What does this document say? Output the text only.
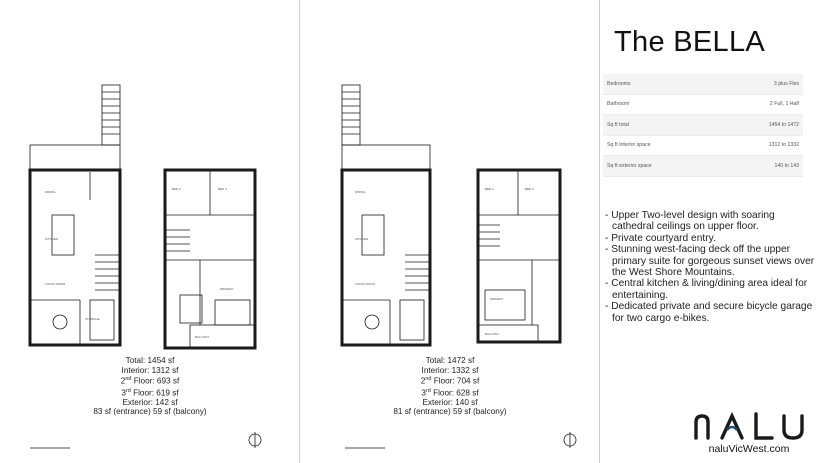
DINING
KITCHEN
LIVING ROOM
STORAGE
BED 2	BED 3
PRIMARY
BALCONY
Total: 1454 sf
Interior: 1312 sf
2nd Floor: 693 sf
3rd Floor: 619 sf
Exterior: 142 sf
83 sf (entrance) 59 sf (balcony)
DINING
KITCHEN
LIVING ROOM
BED 2	BED 3
PRIMARY
BALCONY
Total: 1472 sf
Interior: 1332 sf
2nd Floor: 704 sf
3rd Floor: 628 sf
Exterior: 140 sf
81 sf (entrance) 59 sf (balcony)
The BELLA
Bedrooms	3 plus Flex
Bathroom	2 Full, 1 Half
Sq ft total	1454 to 1472
Sq ft Interior space	1312 to 1332
Sq ft exterior space	140 to 143
- Upper Two-level design with soaring cathedral ceilings on upper floor.
- Private courtyard entry.
- Stunning west-facing deck off the upper primary suite for gorgeous sunset views over the West Shore Mountains.
- Central kitchen & living/dining area ideal for entertaining.
- Dedicated private and secure bicycle garage for two cargo e-bikes.
naluVicWest.com
